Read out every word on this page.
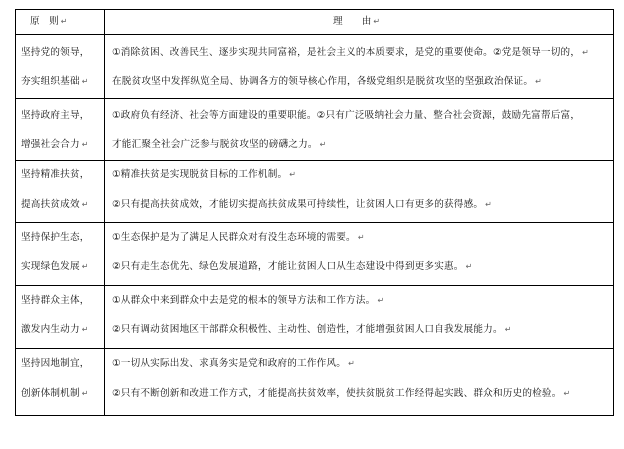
原　则 ↵	理　　由 ↵

坚持党的领导，
夯实组织基础 ↵	①消除贫困、改善民生、逐步实现共同富裕，是社会主义的本质要求，是党的重要使命。②党是领导一切的， ↵
在脱贫攻坚中发挥纵览全局、协调各方的领导核心作用，各级党组织是脱贫攻坚的坚强政治保证。 ↵

坚持政府主导，
增强社会合力 ↵	①政府负有经济、社会等方面建设的重要职能。②只有广泛吸纳社会力量、整合社会资源，鼓励先富帮后富，
才能汇聚全社会广泛参与脱贫攻坚的磅礴之力。 ↵

坚持精准扶贫，
提高扶贫成效 ↵	①精准扶贫是实现脱贫目标的工作机制。 ↵
②只有提高扶贫成效，才能切实提高扶贫成果可持续性，让贫困人口有更多的获得感。 ↵

坚持保护生态，
实现绿色发展 ↵	①生态保护是为了满足人民群众对有没生态环境的需要。 ↵
②只有走生态优先、绿色发展道路，才能让贫困人口从生态建设中得到更多实惠。 ↵

坚持群众主体，
激发内生动力 ↵	①从群众中来到群众中去是党的根本的领导方法和工作方法。 ↵
②只有调动贫困地区干部群众积极性、主动性、创造性，才能增强贫困人口自我发展能力。 ↵

坚持因地制宜，
创新体制机制 ↵	①一切从实际出发、求真务实是党和政府的工作作风。 ↵
②只有不断创新和改进工作方式，才能提高扶贫效率，使扶贫脱贫工作经得起实践、群众和历史的检验。 ↵
